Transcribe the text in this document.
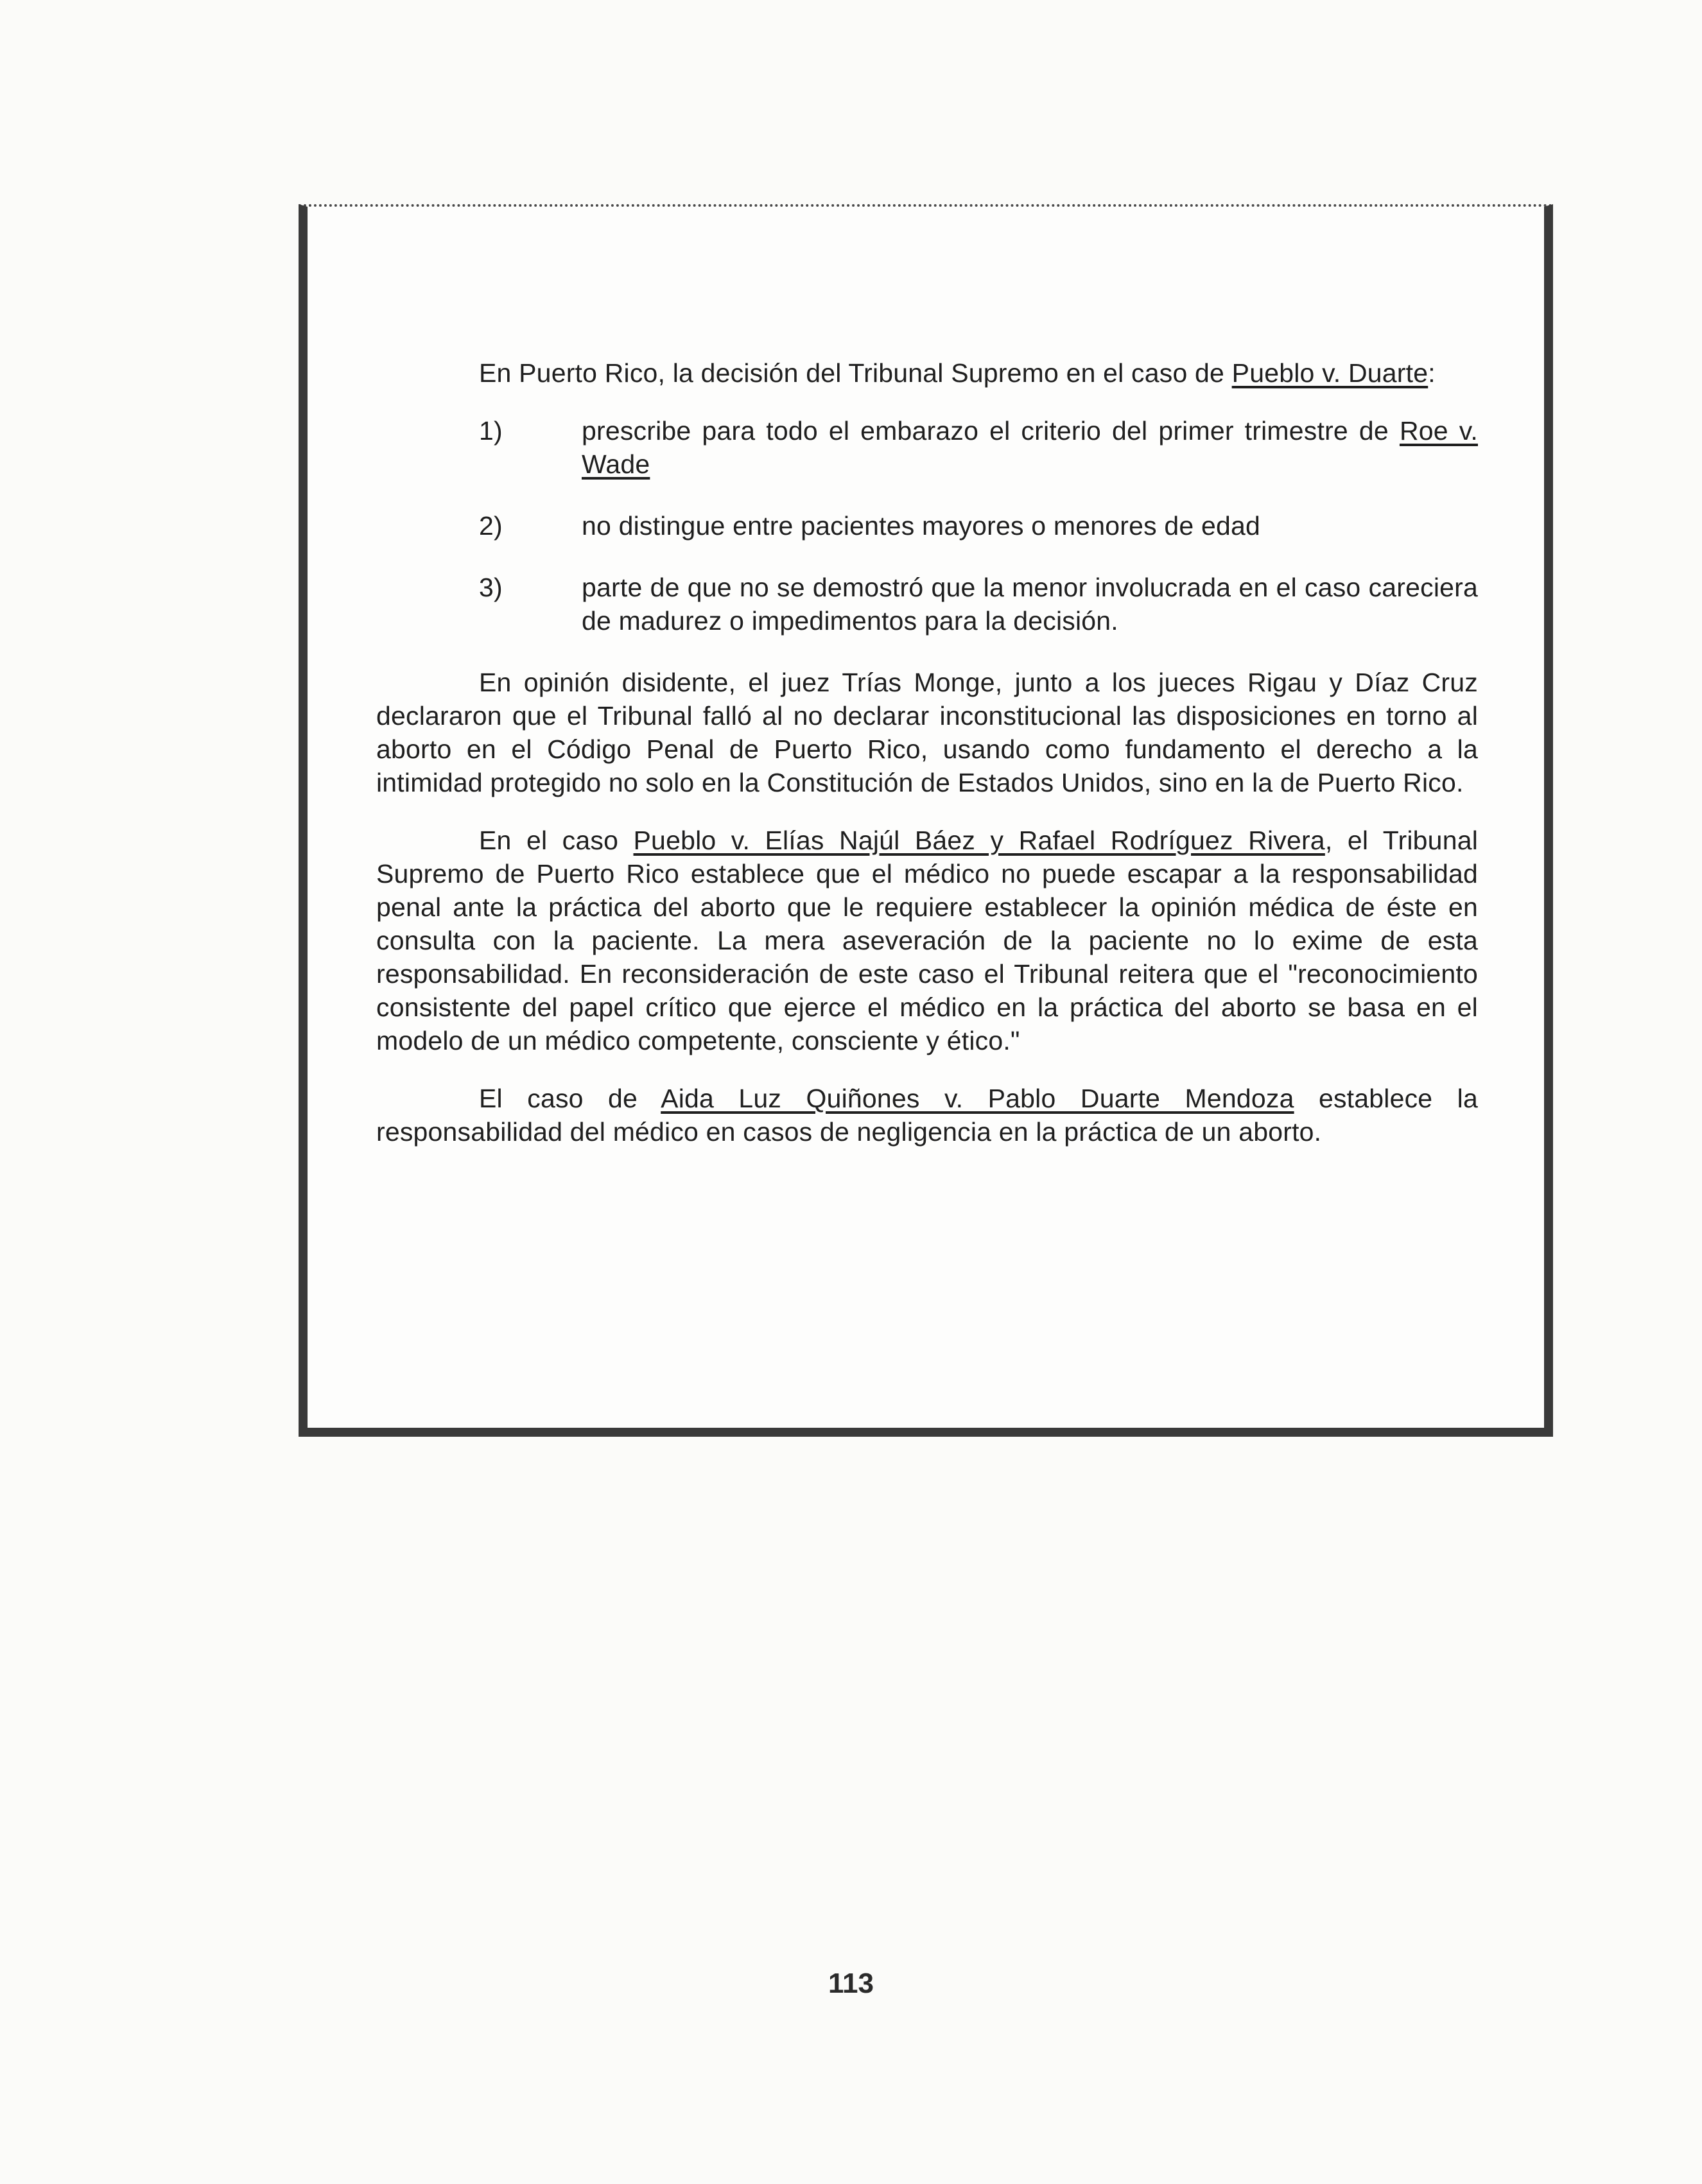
En Puerto Rico, la decisión del Tribunal Supremo en el caso de Pueblo v. Duarte:

1)	prescribe para todo el embarazo el criterio del primer trimestre de Roe v. Wade
2)	no distingue entre pacientes mayores o menores de edad
3)	parte de que no se demostró que la menor involucrada en el caso careciera de madurez o impedimentos para la decisión.

En opinión disidente, el juez Trías Monge, junto a los jueces Rigau y Díaz Cruz declararon que el Tribunal falló al no declarar inconstitucional las disposiciones en torno al aborto en el Código Penal de Puerto Rico, usando como fundamento el derecho a la intimidad protegido no solo en la Constitución de Estados Unidos, sino en la de Puerto Rico.

En el caso Pueblo v. Elías Najúl Báez y Rafael Rodríguez Rivera, el Tribunal Supremo de Puerto Rico establece que el médico no puede escapar a la responsabilidad penal ante la práctica del aborto que le requiere establecer la opinión médica de éste en consulta con la paciente. La mera aseveración de la paciente no lo exime de esta responsabilidad. En reconsideración de este caso el Tribunal reitera que el "reconocimiento consistente del papel crítico que ejerce el médico en la práctica del aborto se basa en el modelo de un médico competente, consciente y ético."

El caso de Aida Luz Quiñones v. Pablo Duarte Mendoza establece la responsabilidad del médico en casos de negligencia en la práctica de un aborto.

113
